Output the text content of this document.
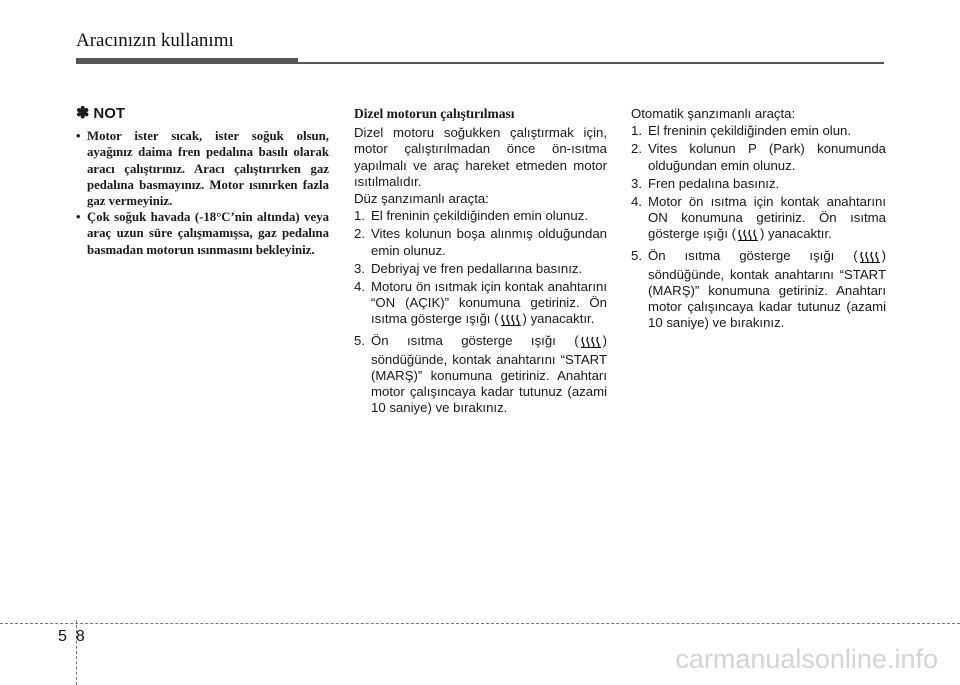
Aracınızın kullanımı
✽ NOT

• Motor ister sıcak, ister soğuk olsun, ayağınız daima fren pedalına basılı olarak aracı çalıştırınız. Aracı çalıştırırken gaz pedalına basmayınız. Motor ısınırken fazla gaz vermeyiniz.

• Çok soğuk havada (-18°C’nin altında) veya araç uzun süre çalışmamışsa, gaz pedalına basmadan motorun ısınmasını bekleyiniz.

Dizel motorun çalıştırılması

Dizel motoru soğukken çalıştırmak için, motor çalıştırılmadan önce ön-ısıtma yapılmalı ve araç hareket etmeden motor ısıtılmalıdır.

Düz şanzımanlı araçta:

1. El freninin çekildiğinden emin olunuz.
2. Vites kolunun boşa alınmış olduğundan emin olunuz.
3. Debriyaj ve fren pedallarına basınız.
4. Motoru ön ısıtmak için kontak anahtarını “ON (AÇIK)” konumuna getiriniz. Ön ısıtma gösterge ışığı ( ) yanacaktır.
5. Ön ısıtma gösterge ışığı ( ) söndüğünde, kontak anahtarını “START (MARŞ)” konumuna getiriniz. Anahtarı motor çalışıncaya kadar tutunuz (azami 10 saniye) ve bırakınız.

Otomatik şanzımanlı araçta:

1. El freninin çekildiğinden emin olun.
2. Vites kolunun P (Park) konumunda olduğundan emin olunuz.
3. Fren pedalına basınız.
4. Motor ön ısıtma için kontak anahtarını ON konumuna getiriniz. Ön ısıtma gösterge ışığı ( ) yanacaktır.
5. Ön ısıtma gösterge ışığı ( ) söndüğünde, kontak anahtarını “START (MARŞ)” konumuna getiriniz. Anahtarı motor çalışıncaya kadar tutunuz (azami 10 saniye) ve bırakınız.
58
carmanualsonline.info
